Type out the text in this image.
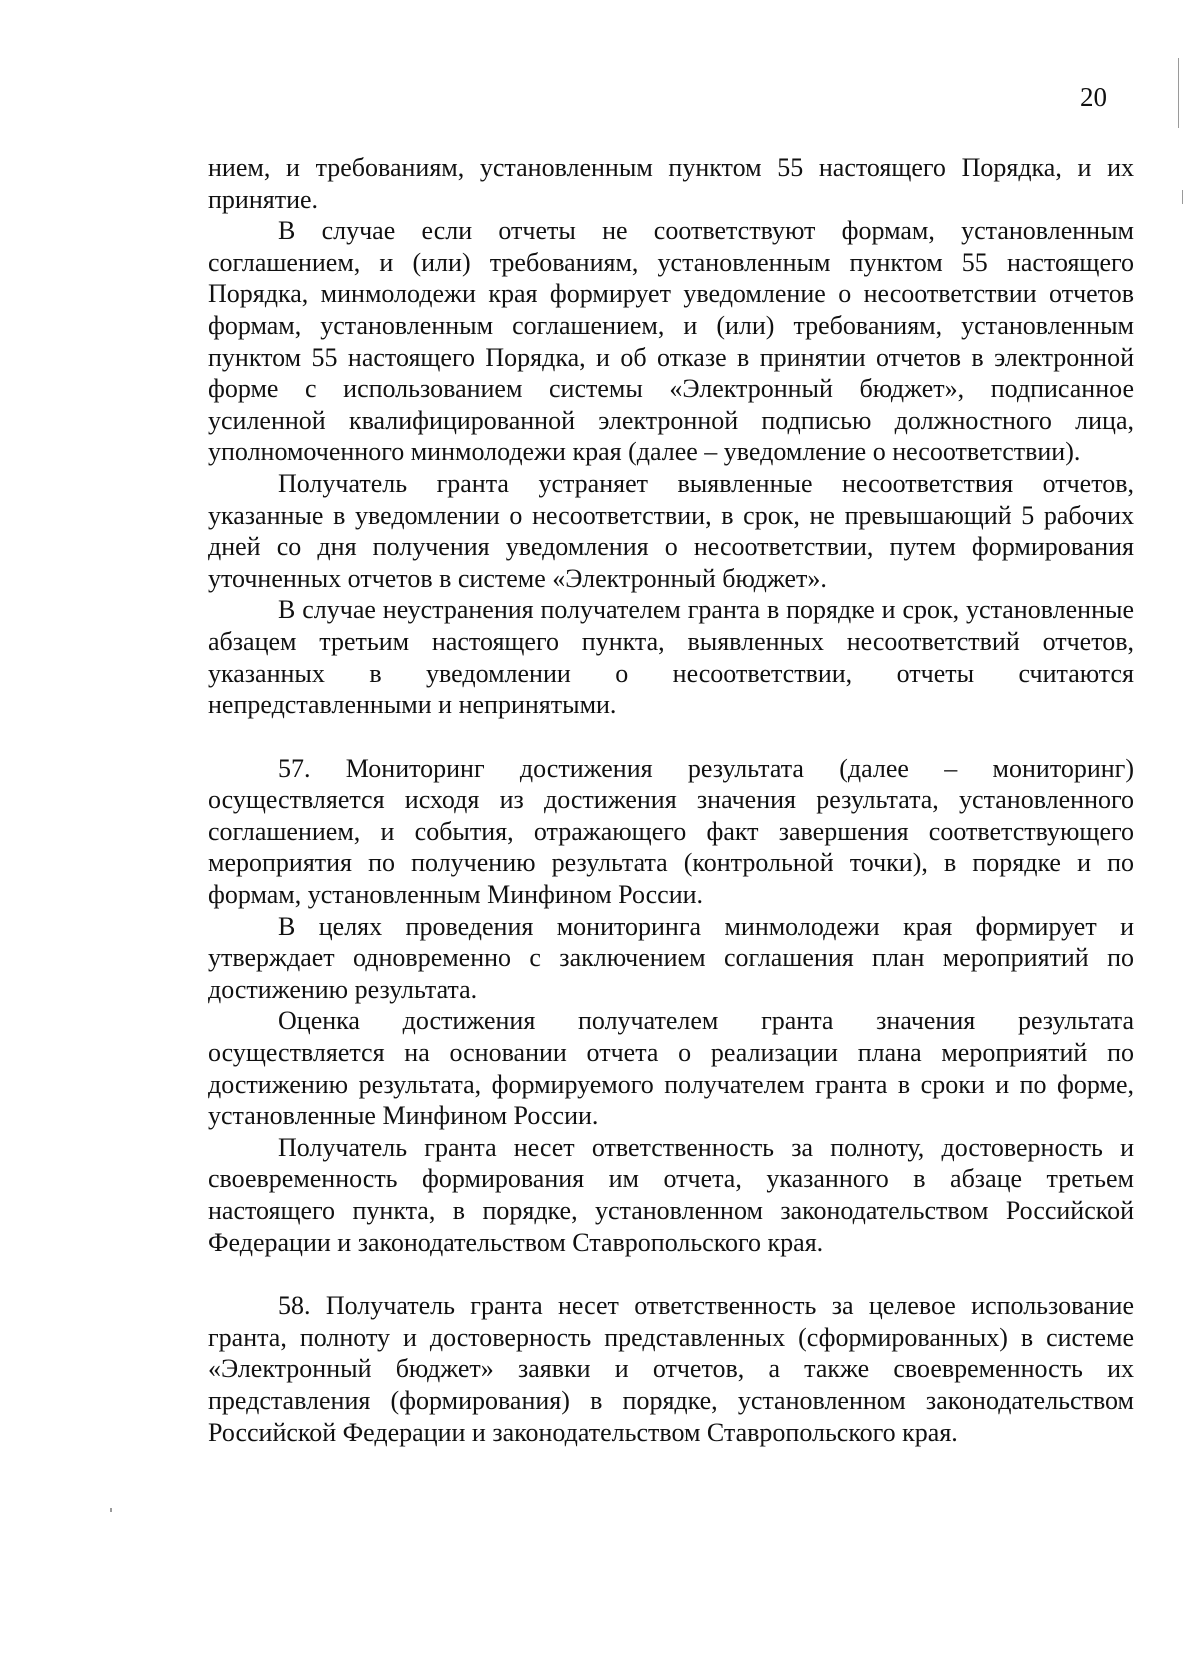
20

нием, и требованиям, установленным пунктом 55 настоящего Порядка, и их принятие.

В случае если отчеты не соответствуют формам, установленным соглашением, и (или) требованиям, установленным пунктом 55 настоящего Порядка, минмолодежи края формирует уведомление о несоответствии отчетов формам, установленным соглашением, и (или) требованиям, установленным пунктом 55 настоящего Порядка, и об отказе в принятии отчетов в электронной форме с использованием системы «Электронный бюджет», подписанное усиленной квалифицированной электронной подписью должностного лица, уполномоченного минмолодежи края (далее – уведомление о несоответствии).

Получатель гранта устраняет выявленные несоответствия отчетов, указанные в уведомлении о несоответствии, в срок, не превышающий 5 рабочих дней со дня получения уведомления о несоответствии, путем формирования уточненных отчетов в системе «Электронный бюджет».

В случае неустранения получателем гранта в порядке и срок, установленные абзацем третьим настоящего пункта, выявленных несоответствий отчетов, указанных в уведомлении о несоответствии, отчеты считаются непредставленными и непринятыми.

57. Мониторинг достижения результата (далее – мониторинг) осуществляется исходя из достижения значения результата, установленного соглашением, и события, отражающего факт завершения соответствующего мероприятия по получению результата (контрольной точки), в порядке и по формам, установленным Минфином России.

В целях проведения мониторинга минмолодежи края формирует и утверждает одновременно с заключением соглашения план мероприятий по достижению результата.

Оценка достижения получателем гранта значения результата осуществляется на основании отчета о реализации плана мероприятий по достижению результата, формируемого получателем гранта в сроки и по форме, установленные Минфином России.

Получатель гранта несет ответственность за полноту, достоверность и своевременность формирования им отчета, указанного в абзаце третьем настоящего пункта, в порядке, установленном законодательством Российской Федерации и законодательством Ставропольского края.

58. Получатель гранта несет ответственность за целевое использование гранта, полноту и достоверность представленных (сформированных) в системе «Электронный бюджет» заявки и отчетов, а также своевременность их представления (формирования) в порядке, установленном законодательством Российской Федерации и законодательством Ставропольского края.
